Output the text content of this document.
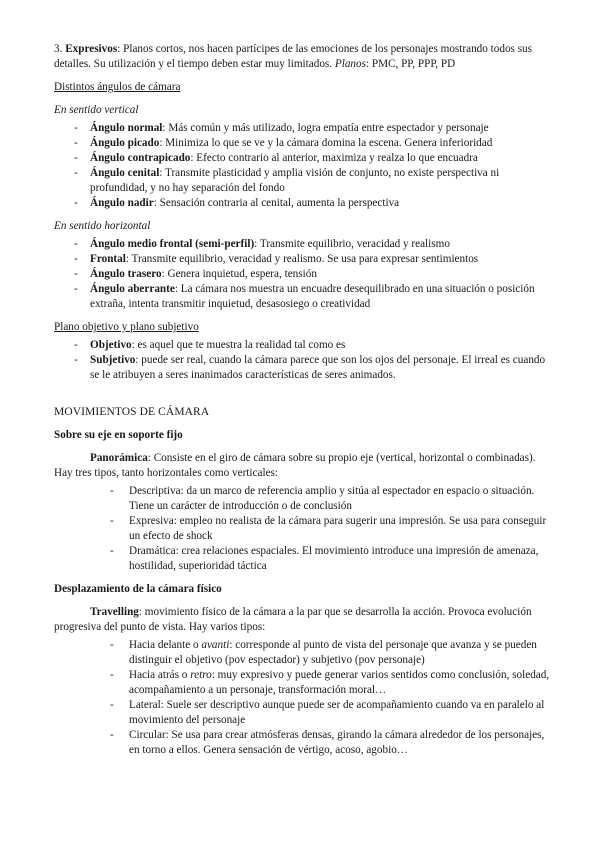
3. Expresivos: Planos cortos, nos hacen partícipes de las emociones de los personajes mostrando todos sus detalles. Su utilización y el tiempo deben estar muy limitados. Planos: PMC, PP, PPP, PD

Distintos ángulos de cámara

En sentido vertical

- Ángulo normal: Más común y más utilizado, logra empatía entre espectador y personaje
- Ángulo picado: Minimiza lo que se ve y la cámara domina la escena. Genera inferioridad
- Ángulo contrapicado: Efecto contrario al anterior, maximiza y realza lo que encuadra
- Ángulo cenital: Transmite plasticidad y amplia visión de conjunto, no existe perspectiva ni profundidad, y no hay separación del fondo
- Ángulo nadir: Sensación contraria al cenital, aumenta la perspectiva

En sentido horizontal

- Ángulo medio frontal (semi-perfil): Transmite equilibrio, veracidad y realismo
- Frontal: Transmite equilibrio, veracidad y realismo. Se usa para expresar sentimientos
- Ángulo trasero: Genera inquietud, espera, tensión
- Ángulo aberrante: La cámara nos muestra un encuadre desequilibrado en una situación o posición extraña, intenta transmitir inquietud, desasosiego o creatividad

Plano objetivo y plano subjetivo

- Objetivo: es aquel que te muestra la realidad tal como es
- Subjetivo: puede ser real, cuando la cámara parece que son los ojos del personaje. El irreal es cuando se le atribuyen a seres inanimados características de seres animados.

MOVIMIENTOS DE CÁMARA

Sobre su eje en soporte fijo

Panorámica: Consiste en el giro de cámara sobre su propio eje (vertical, horizontal o combinadas). Hay tres tipos, tanto horizontales como verticales:

- Descriptiva: da un marco de referencia amplio y sitúa al espectador en espacio o situación. Tiene un carácter de introducción o de conclusión
- Expresiva: empleo no realista de la cámara para sugerir una impresión. Se usa para conseguir un efecto de shock
- Dramática: crea relaciones espaciales. El movimiento introduce una impresión de amenaza, hostilidad, superioridad táctica

Desplazamiento de la cámara físico

Travelling: movimiento físico de la cámara a la par que se desarrolla la acción. Provoca evolución progresiva del punto de vista. Hay varios tipos:

- Hacia delante o avanti: corresponde al punto de vista del personaje que avanza y se pueden distinguir el objetivo (pov espectador) y subjetivo (pov personaje)
- Hacia atrás o retro: muy expresivo y puede generar varios sentidos como conclusión, soledad, acompañamiento a un personaje, transformación moral…
- Lateral: Suele ser descriptivo aunque puede ser de acompañamiento cuando va en paralelo al movimiento del personaje
- Circular: Se usa para crear atmósferas densas, girando la cámara alrededor de los personajes, en torno a ellos. Genera sensación de vértigo, acoso, agobio…
